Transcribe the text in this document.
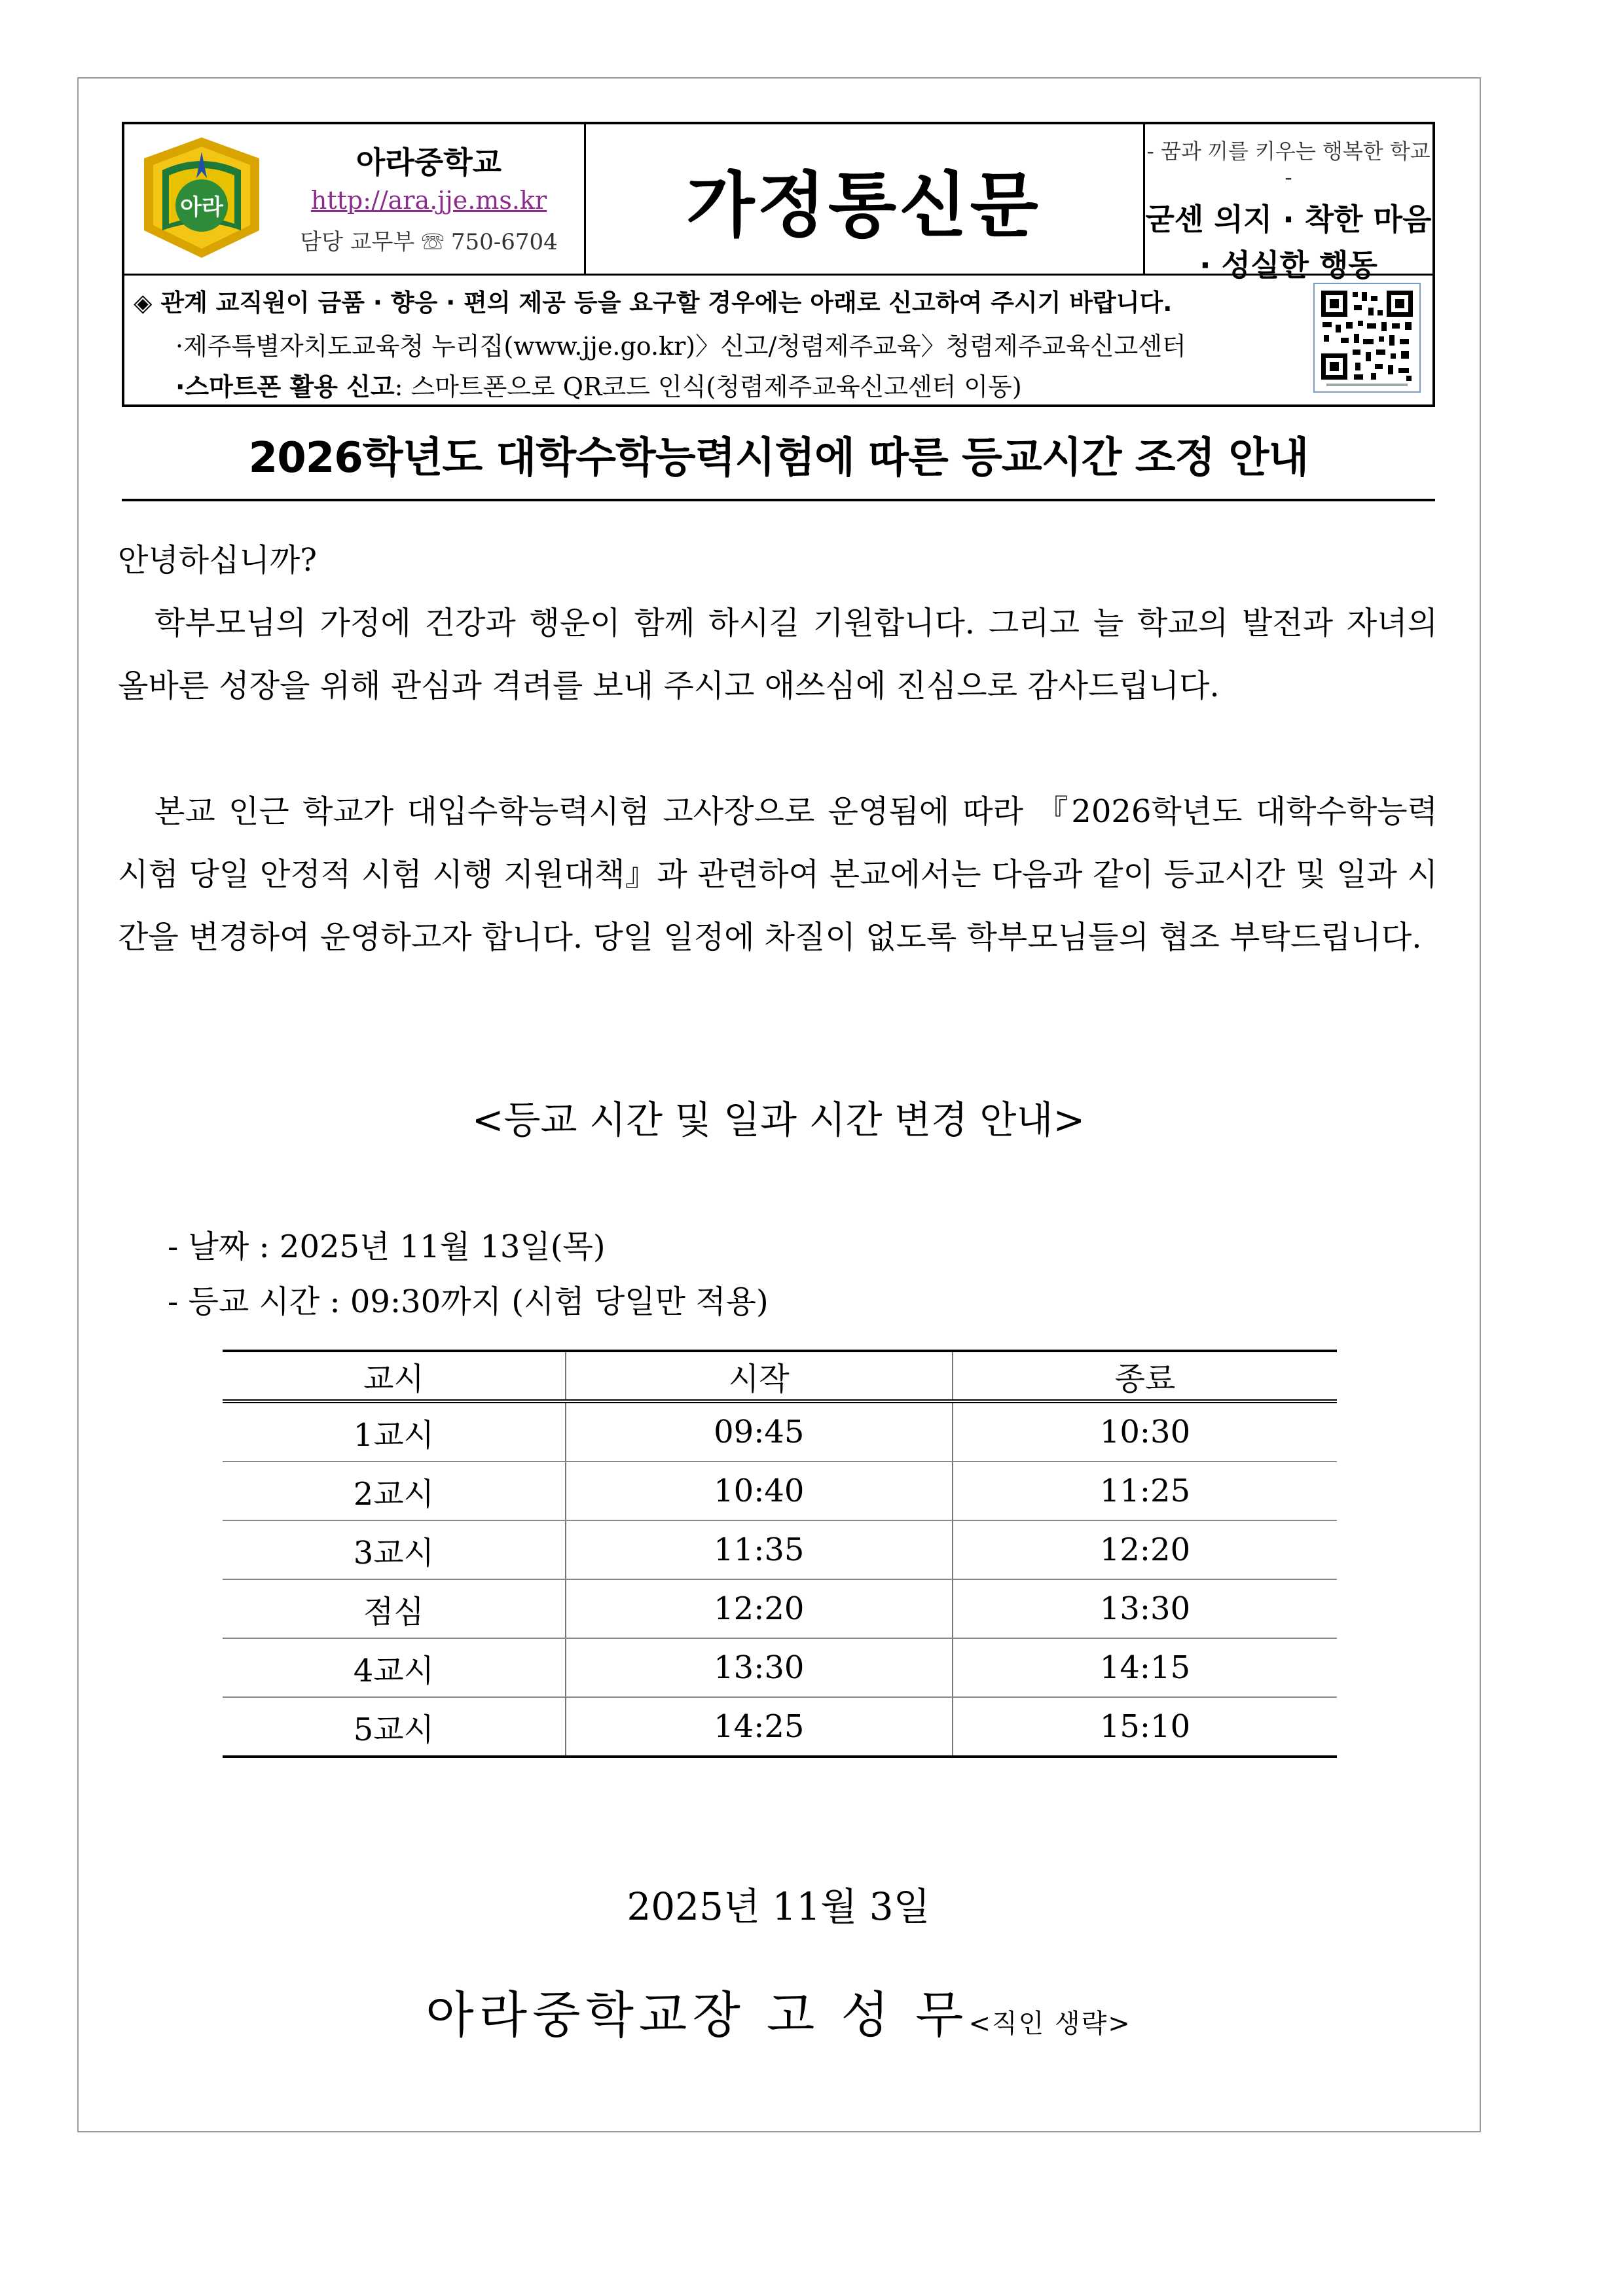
아라
아라중학교
http://ara.jje.ms.kr
담당 교무부 ☏ 750-6704	가정통신문
- 꿈과 끼를 키우는 행복한 학교 -
굳센 의지 · 착한 마음
· 성실한 행동
◈ 관계 교직원이 금품 · 향응 · 편의 제공 등을 요구할 경우에는 아래로 신고하여 주시기 바랍니다.
·제주특별자치도교육청 누리집(www.jje.go.kr)〉신고/청렴제주교육〉청렴제주교육신고센터
·스마트폰 활용 신고: 스마트폰으로 QR코드 인식(청렴제주교육신고센터 이동)
2026학년도 대학수학능력시험에 따른 등교시간 조정 안내
안녕하십니까?
학부모님의 가정에 건강과 행운이 함께 하시길 기원합니다. 그리고 늘 학교의 발전과 자녀의 올바른 성장을 위해 관심과 격려를 보내 주시고 애쓰심에 진심으로 감사드립니다.
본교 인근 학교가 대입수학능력시험 고사장으로 운영됨에 따라 『2026학년도 대학수학능력시험 당일 안정적 시험 시행 지원대책』과 관련하여 본교에서는 다음과 같이 등교시간 및 일과 시간을 변경하여 운영하고자 합니다. 당일 일정에 차질이 없도록 학부모님들의 협조 부탁드립니다.
<등교 시간 및 일과 시간 변경 안내>
- 날짜 : 2025년 11월 13일(목)
- 등교 시간 : 09:30까지 (시험 당일만 적용)
교시	시작	종료
1교시	09:45	10:30
2교시	10:40	11:25
3교시	11:35	12:20
점심	12:20	13:30
4교시	13:30	14:15
5교시	14:25	15:10
2025년 11월 3일
아라중학교장 고 성 무<직인 생략>
